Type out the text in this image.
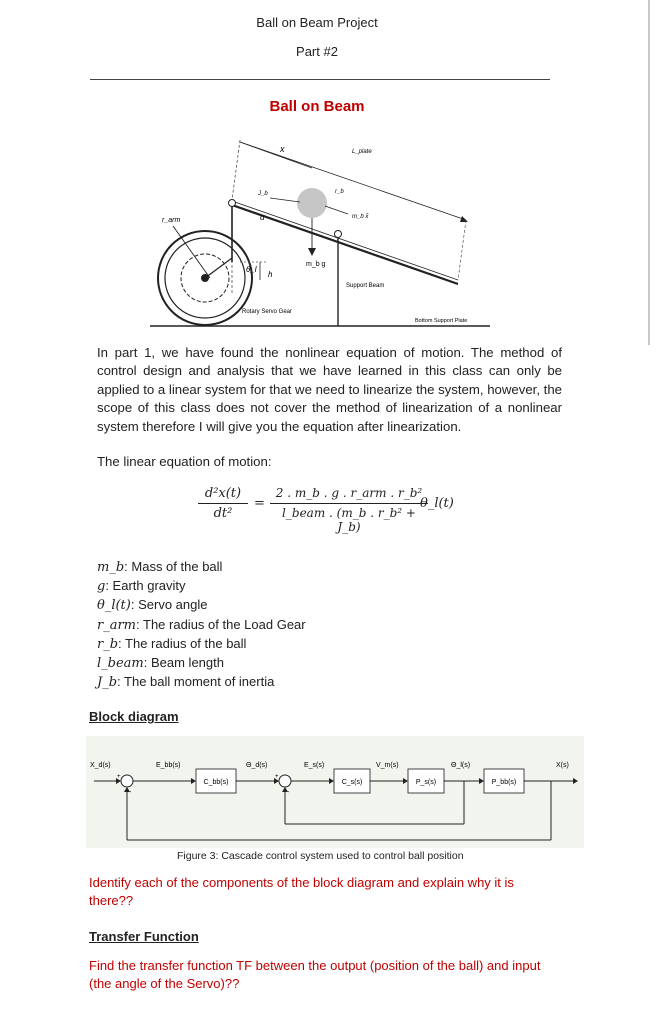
Ball on Beam Project
Part #2
Ball on Beam
r_arm
h
θ_l
α
m_b g
J_b	r_b
m_b x̄
x	L_plate
Rotary Servo Gear
Support Beam
Bottom Support Plate
In part 1, we have found the nonlinear equation of motion. The method of control design and analysis that we have learned in this class can only be applied to a linear system for that we need to linearize the system, however, the scope of this class does not cover the method of linearization of a nonlinear system therefore I will give you the equation after linearization.
The linear equation of motion:
d²x(t)
dt²
=
2 . m_b . g . r_arm . r_b²
l_beam . (m_b . r_b² + J_b)
θ_l(t)
m_b: Mass of the ball
g: Earth gravity
θ_l(t): Servo angle
r_arm: The radius of the Load Gear
r_b: The radius of the ball
l_beam: Beam length
J_b: The ball moment of inertia
Block diagram
+
-
C_bb(s)
+
-
C_s(s)	P_s(s)	P_bb(s)
X_d(s)	E_bb(s)	Θ_d(s)	E_s(s)	V_m(s)	Θ_l(s)	X(s)
Figure 3: Cascade control system used to control ball position
Identify each of the components of the block diagram and explain why it is there??
Transfer Function
Find the transfer function TF between the output (position of the ball) and input (the angle of the Servo)??
